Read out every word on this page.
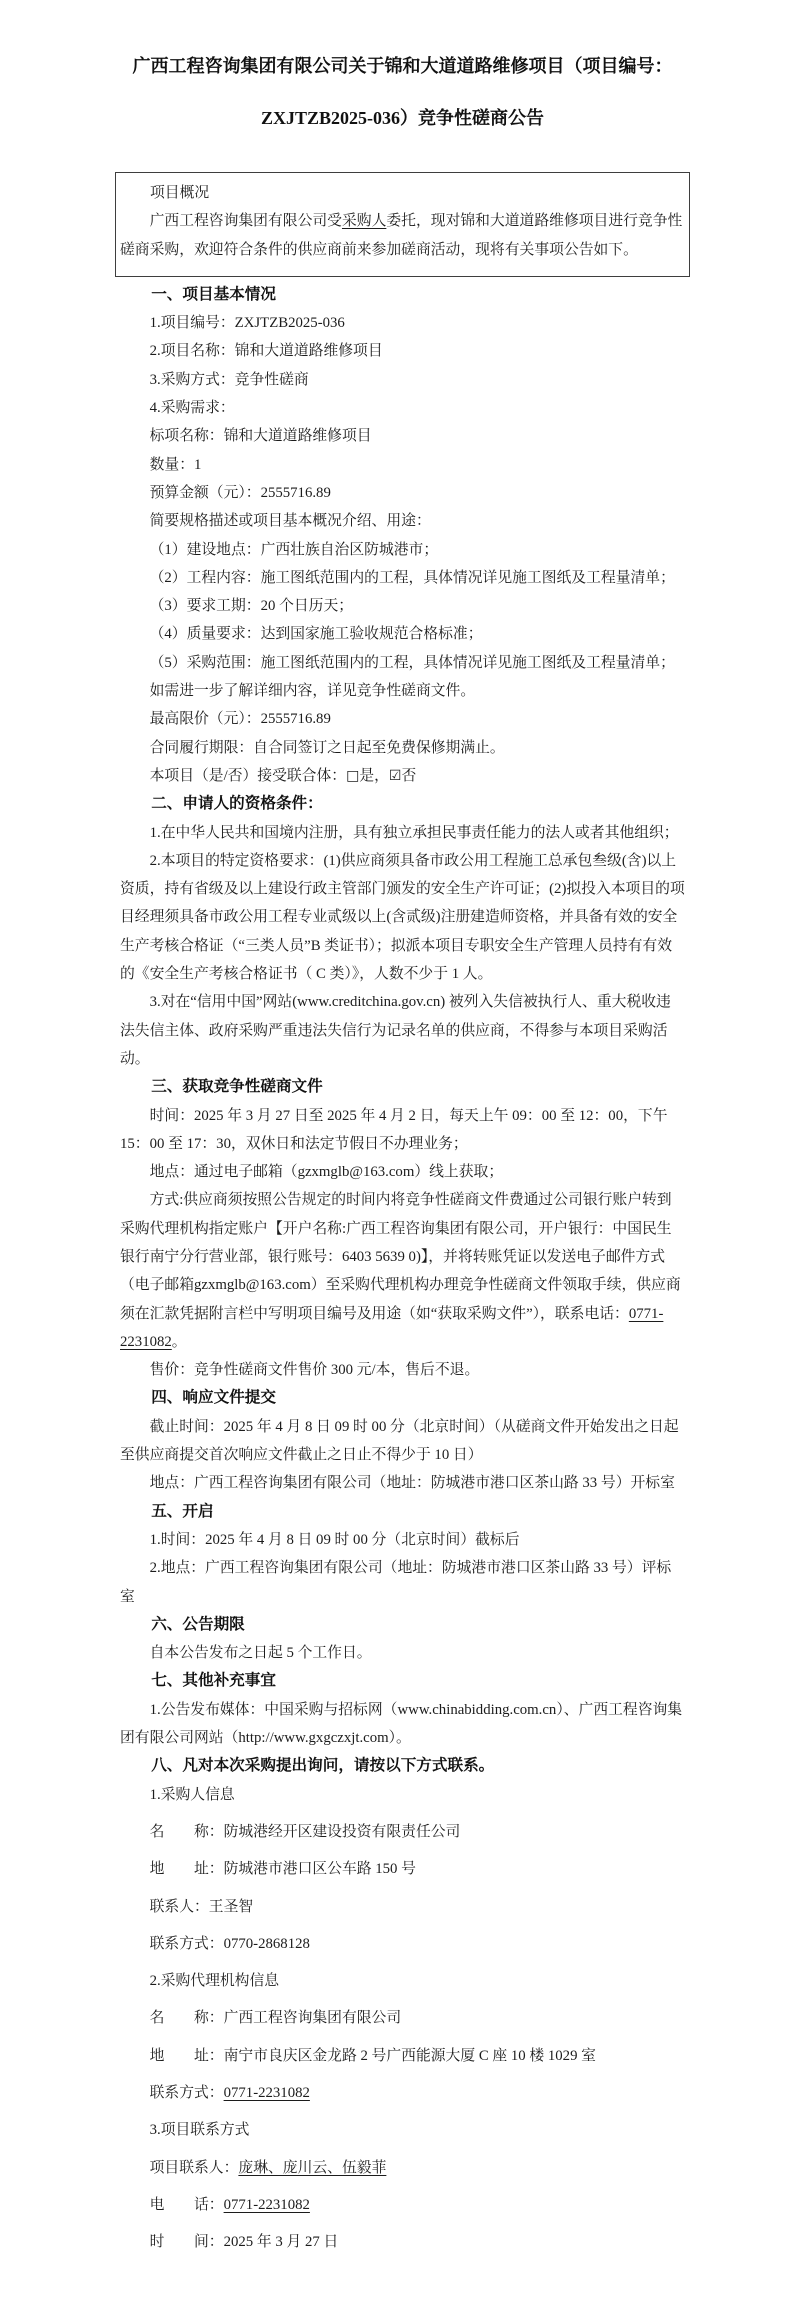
广西工程咨询集团有限公司关于锦和大道道路维修项目（项目编号：
ZXJTZB2025-036）竞争性磋商公告

项目概况

广西工程咨询集团有限公司受采购人委托，现对锦和大道道路维修项目进行竞争性磋商采购，欢迎符合条件的供应商前来参加磋商活动，现将有关事项公告如下。

一、项目基本情况

1.项目编号：ZXJTZB2025-036

2.项目名称：锦和大道道路维修项目

3.采购方式：竞争性磋商

4.采购需求：

标项名称：锦和大道道路维修项目

数量：1

预算金额（元）：2555716.89

简要规格描述或项目基本概况介绍、用途：

（1）建设地点：广西壮族自治区防城港市；

（2）工程内容：施工图纸范围内的工程，具体情况详见施工图纸及工程量清单；

（3）要求工期：20 个日历天；

（4）质量要求：达到国家施工验收规范合格标准；

（5）采购范围：施工图纸范围内的工程，具体情况详见施工图纸及工程量清单；

如需进一步了解详细内容，详见竞争性磋商文件。

最高限价（元）：2555716.89

合同履行期限：自合同签订之日起至免费保修期满止。

本项目（是/否）接受联合体：□是，☑否

二、申请人的资格条件：

1.在中华人民共和国境内注册，具有独立承担民事责任能力的法人或者其他组织；

2.本项目的特定资格要求：(1)供应商须具备市政公用工程施工总承包叁级(含)以上资质，持有省级及以上建设行政主管部门颁发的安全生产许可证；(2)拟投入本项目的项目经理须具备市政公用工程专业贰级以上(含贰级)注册建造师资格，并具备有效的安全生产考核合格证（“三类人员”B 类证书）；拟派本项目专职安全生产管理人员持有有效的《安全生产考核合格证书（ C 类）》，人数不少于 1 人。

3.对在“信用中国”网站(www.creditchina.gov.cn) 被列入失信被执行人、重大税收违法失信主体、政府采购严重违法失信行为记录名单的供应商，不得参与本项目采购活动。

三、获取竞争性磋商文件

时间：2025 年 3 月 27 日至 2025 年 4 月 2 日，每天上午 09：00 至 12：00，下午 15：00 至 17：30，双休日和法定节假日不办理业务；

地点：通过电子邮箱（gzxmglb@163.com）线上获取；

方式:供应商须按照公告规定的时间内将竞争性磋商文件费通过公司银行账户转到采购代理机构指定账户【开户名称:广西工程咨询集团有限公司，开户银行：中国民生银行南宁分行营业部，银行账号：6403 5639 0)】，并将转账凭证以发送电子邮件方式（电子邮箱gzxmglb@163.com）至采购代理机构办理竞争性磋商文件领取手续，供应商须在汇款凭据附言栏中写明项目编号及用途（如“获取采购文件”），联系电话：0771-2231082。

售价：竞争性磋商文件售价 300 元/本，售后不退。

四、响应文件提交

截止时间：2025 年 4 月 8 日 09 时 00 分（北京时间）（从磋商文件开始发出之日起至供应商提交首次响应文件截止之日止不得少于 10 日）

地点：广西工程咨询集团有限公司（地址：防城港市港口区茶山路 33 号）开标室

五、开启

1.时间：2025 年 4 月 8 日 09 时 00 分（北京时间）截标后

2.地点：广西工程咨询集团有限公司（地址：防城港市港口区茶山路 33 号）评标室

六、公告期限

自本公告发布之日起 5 个工作日。

七、其他补充事宜

1.公告发布媒体：中国采购与招标网（www.chinabidding.com.cn）、广西工程咨询集团有限公司网站（http://www.gxgczxjt.com）。

八、凡对本次采购提出询问，请按以下方式联系。

1.采购人信息

名　　称：防城港经开区建设投资有限责任公司

地　　址：防城港市港口区公车路 150 号

联系人：王圣智

联系方式：0770-2868128

2.采购代理机构信息

名　　称：广西工程咨询集团有限公司

地　　址：南宁市良庆区金龙路 2 号广西能源大厦 C 座 10 楼 1029 室

联系方式：0771-2231082

3.项目联系方式

项目联系人：庞琳、庞川云、伍毅菲

电　　话：0771-2231082

时　　间：2025 年 3 月 27 日
